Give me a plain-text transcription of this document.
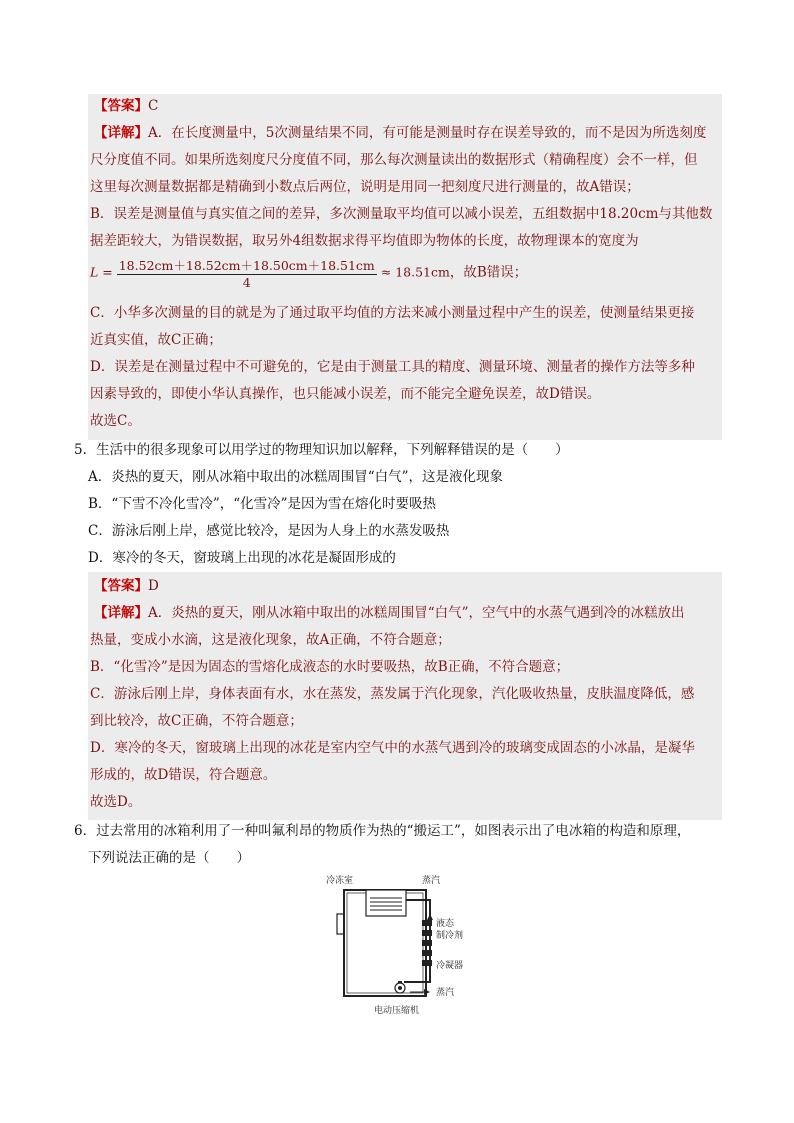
【答案】C
【详解】A．在长度测量中，5次测量结果不同，有可能是测量时存在误差导致的，而不是因为所选刻度
尺分度值不同。如果所选刻度尺分度值不同，那么每次测量读出的数据形式（精确程度）会不一样，但
这里每次测量数据都是精确到小数点后两位，说明是用同一把刻度尺进行测量的，故A错误；
B．误差是测量值与真实值之间的差异，多次测量取平均值可以减小误差，五组数据中18.20cm与其他数
据差距较大，为错误数据，取另外4组数据求得平均值即为物体的长度，故物理课本的宽度为
$L = \frac{18.52cm+18.52cm+18.50cm+18.51cm}{4} \approx 18.51cm$，故B错误；
C．小华多次测量的目的就是为了通过取平均值的方法来减小测量过程中产生的误差，使测量结果更接
近真实值，故C正确；
D．误差是在测量过程中不可避免的，它是由于测量工具的精度、测量环境、测量者的操作方法等多种
因素导致的，即使小华认真操作，也只能减小误差，而不能完全避免误差，故D错误。
故选C。
5．生活中的很多现象可以用学过的物理知识加以解释，下列解释错误的是（　　）
A．炎热的夏天，刚从冰箱中取出的冰糕周围冒“白气”，这是液化现象
B．“下雪不冷化雪冷”，“化雪冷”是因为雪在熔化时要吸热
C．游泳后刚上岸，感觉比较冷，是因为人身上的水蒸发吸热
D．寒冷的冬天，窗玻璃上出现的冰花是凝固形成的
【答案】D
【详解】A．炎热的夏天，刚从冰箱中取出的冰糕周围冒“白气”，空气中的水蒸气遇到冷的冰糕放出
热量，变成小水滴，这是液化现象，故A正确，不符合题意；
B．“化雪冷”是因为固态的雪熔化成液态的水时要吸热，故B正确，不符合题意；
C．游泳后刚上岸，身体表面有水，水在蒸发，蒸发属于汽化现象，汽化吸收热量，皮肤温度降低，感
到比较冷，故C正确，不符合题意；
D．寒冷的冬天，窗玻璃上出现的冰花是室内空气中的水蒸气遇到冷的玻璃变成固态的小冰晶，是凝华
形成的，故D错误，符合题意。
故选D。
6．过去常用的冰箱利用了一种叫氟利昂的物质作为热的“搬运工”，如图表示出了电冰箱的构造和原理，
下列说法正确的是（　　）
冷冻室	蒸汽
液态
制冷剂
冷凝器
蒸汽
电动压缩机
